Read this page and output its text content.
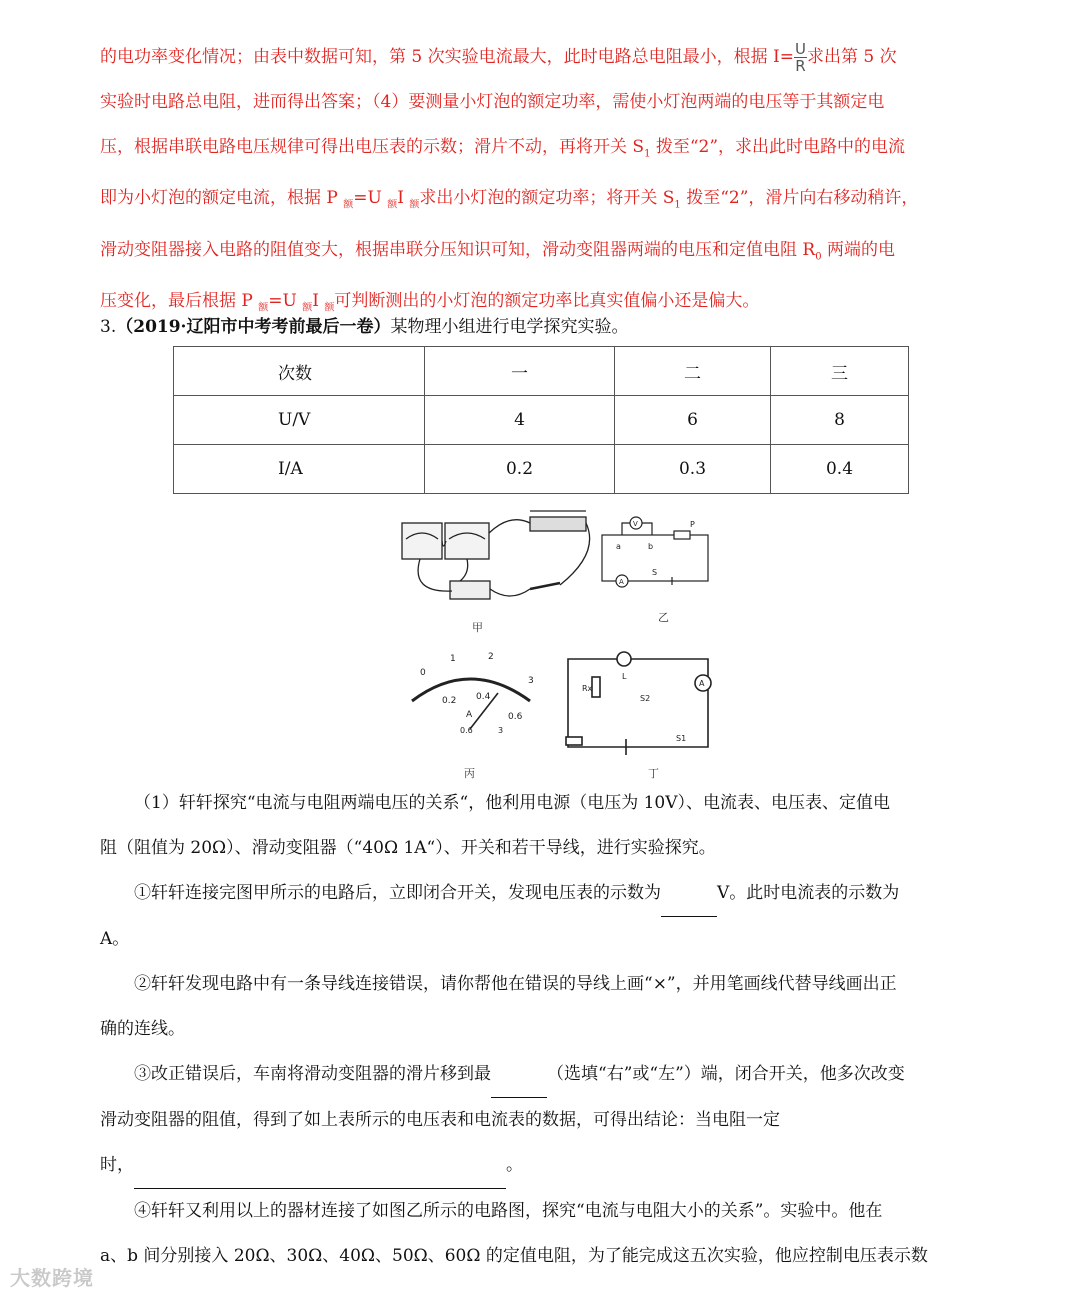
的电功率变化情况；由表中数据可知，第 5 次实验电流最大，此时电路总电阻最小，根据 $I= \frac{U}{R}$ 求出第 5 次
实验时电路总电阻，进而得出答案；（4）要测量小灯泡的额定功率，需使小灯泡两端的电压等于其额定电
压，根据串联电路电压规律可得出电压表的示数；滑片不动，再将开关 $S_1$ 拨至“2”，求出此时电路中的电流
即为小灯泡的额定电流，根据 P $_额$=U $_额$I $_额$求出小灯泡的额定功率；将开关 $S_1$ 拨至“2”，滑片向右移动稍许，
滑动变阻器接入电路的阻值变大，根据串联分压知识可知，滑动变阻器两端的电压和定值电阻 $R_0$ 两端的电
压变化，最后根据 P $_额$=U $_额$I $_额$可判断测出的小灯泡的额定功率比真实值偏小还是偏大。
3.（2019·辽阳市中考考前最后一卷）某物理小组进行电学探究实验。
次数	一	二	三
U/V	4	6	8
I/A	0.2	0.3	0.4
甲
V
A
a	b
P
S
乙
0
1	2
3
0.2 0.4
0.6
A
0.6	3
丙
L
A
Rx
S2
S1
丁
（1）轩轩探究“电流与电阻两端电压的关系“，他利用电源（电压为 10V）、电流表、电压表、定值电
阻（阻值为 20Ω）、滑动变阻器（“40Ω 1A“）、开关和若干导线，进行实验探究。
①轩轩连接完图甲所示的电路后，立即闭合开关，发现电压表的示数为	V。此时电流表的示数为
A。
②轩轩发现电路中有一条导线连接错误，请你帮他在错误的导线上画“×”，并用笔画线代替导线画出正
确的连线。
③改正错误后，车南将滑动变阻器的滑片移到最	（选填“右”或“左”）端，闭合开关，他多次改变
滑动变阻器的阻值，得到了如上表所示的电压表和电流表的数据，可得出结论：当电阻一定
时，	。
④轩轩又利用以上的器材连接了如图乙所示的电路图，探究“电流与电阻大小的关系”。实验中。他在
a、b 间分别接入 20Ω、30Ω、40Ω、50Ω、60Ω 的定值电阻，为了能完成这五次实验，他应控制电压表示数
大数跨境
